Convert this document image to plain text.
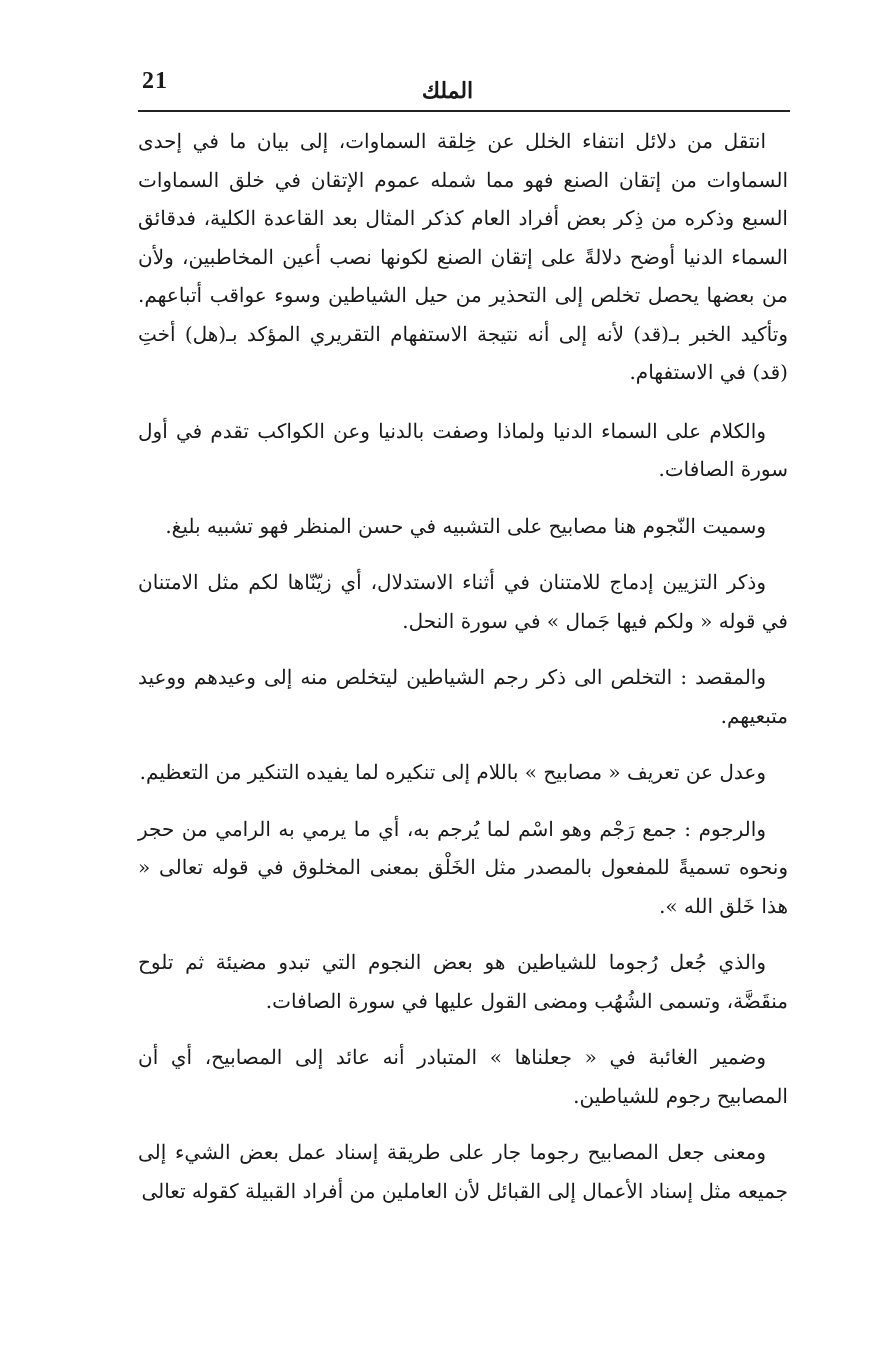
21	الملك

انتقل من دلائل انتفاء الخلل عن خِلقة السماوات، إلى بيان ما في إحدى السماوات من إتقان الصنع فهو مما شمله عموم الإتقان في خلق السماوات السبع وذكره من ذِكر بعض أفراد العام كذكر المثال بعد القاعدة الكلية، فدقائق السماء الدنيا أوضح دلالةً على إتقان الصنع لكونها نصب أعين المخاطبين، ولأن من بعضها يحصل تخلص إلى التحذير من حيل الشياطين وسوء عواقب أتباعهم. وتأكيد الخبر بـ(قد) لأنه إلى أنه نتيجة الاستفهام التقريري المؤكد بـ(هل) أختِ (قد) في الاستفهام.

والكلام على السماء الدنيا ولماذا وصفت بالدنيا وعن الكواكب تقدم في أول سورة الصافات.

وسميت النّجوم هنا مصابيح على التشبيه في حسن المنظر فهو تشبيه بليغ.

وذكر التزيين إدماج للامتنان في أثناء الاستدلال، أي زيّنّاها لكم مثل الامتنان في قوله « ولكم فيها جَمال » في سورة النحل.

والمقصد : التخلص الى ذكر رجم الشياطين ليتخلص منه إلى وعيدهم ووعيد متبعيهم.

وعدل عن تعريف « مصابيح » باللام إلى تنكيره لما يفيده التنكير من التعظيم.

والرجوم : جمع رَجْم وهو اسْم لما يُرجم به، أي ما يرمي به الرامي من حجر ونحوه تسميةً للمفعول بالمصدر مثل الخَلْق بمعنى المخلوق في قوله تعالى « هذا خَلق الله ».

والذي جُعل رُجوما للشياطين هو بعض النجوم التي تبدو مضيئة ثم تلوح منقَضَّة، وتسمى الشُهُب ومضى القول عليها في سورة الصافات.

وضمير الغائبة في « جعلناها » المتبادر أنه عائد إلى المصابيح، أي أن المصابيح رجوم للشياطين.

ومعنى جعل المصابيح رجوما جار على طريقة إسناد عمل بعض الشيء إلى جميعه مثل إسناد الأعمال إلى القبائل لأن العاملين من أفراد القبيلة كقوله تعالى
